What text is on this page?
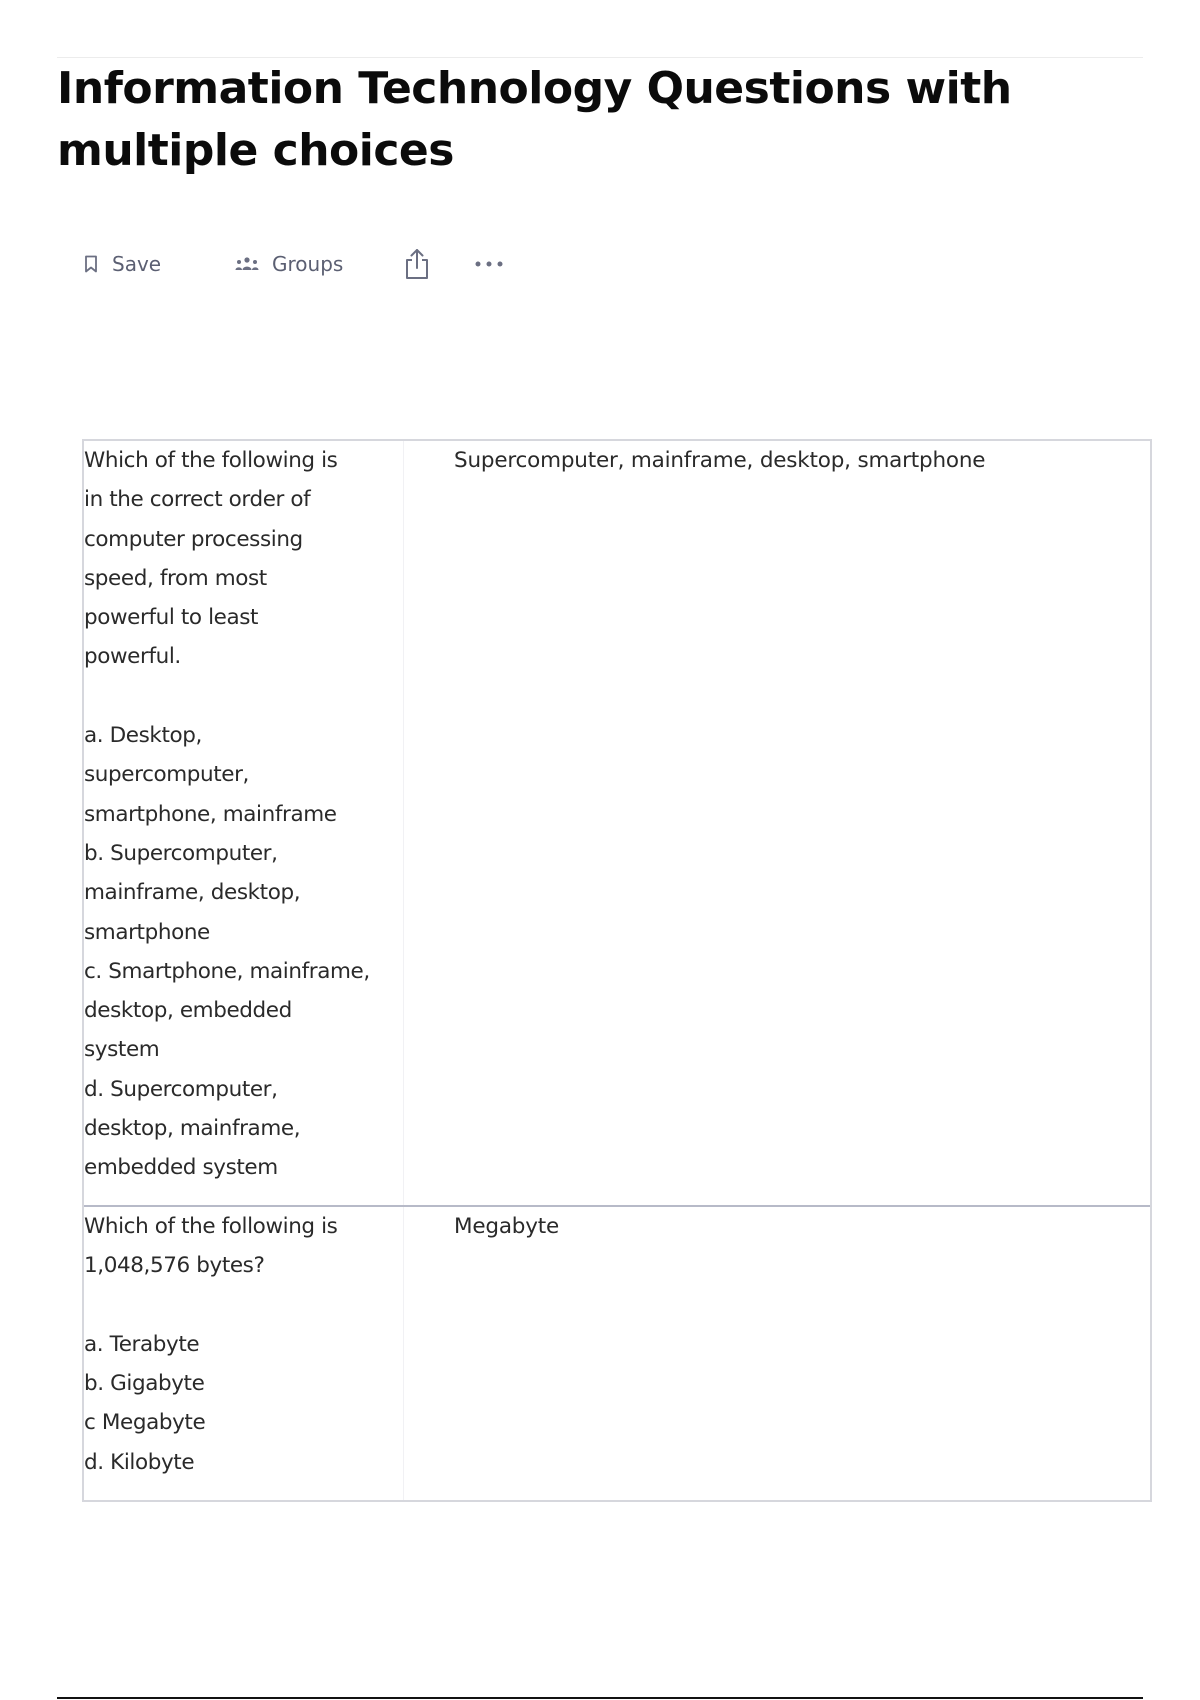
Information Technology Questions with multiple choices
Save	Groups
Which of the following is
in the correct order of
computer processing
speed, from most
powerful to least
powerful.

a. Desktop,
supercomputer,
smartphone, mainframe
b. Supercomputer,
mainframe, desktop,
smartphone
c. Smartphone, mainframe,
desktop, embedded
system
d. Supercomputer,
desktop, mainframe,
embedded system
Supercomputer, mainframe, desktop, smartphone
Which of the following is
1,048,576 bytes?

a. Terabyte
b. Gigabyte
c Megabyte
d. Kilobyte
Megabyte
